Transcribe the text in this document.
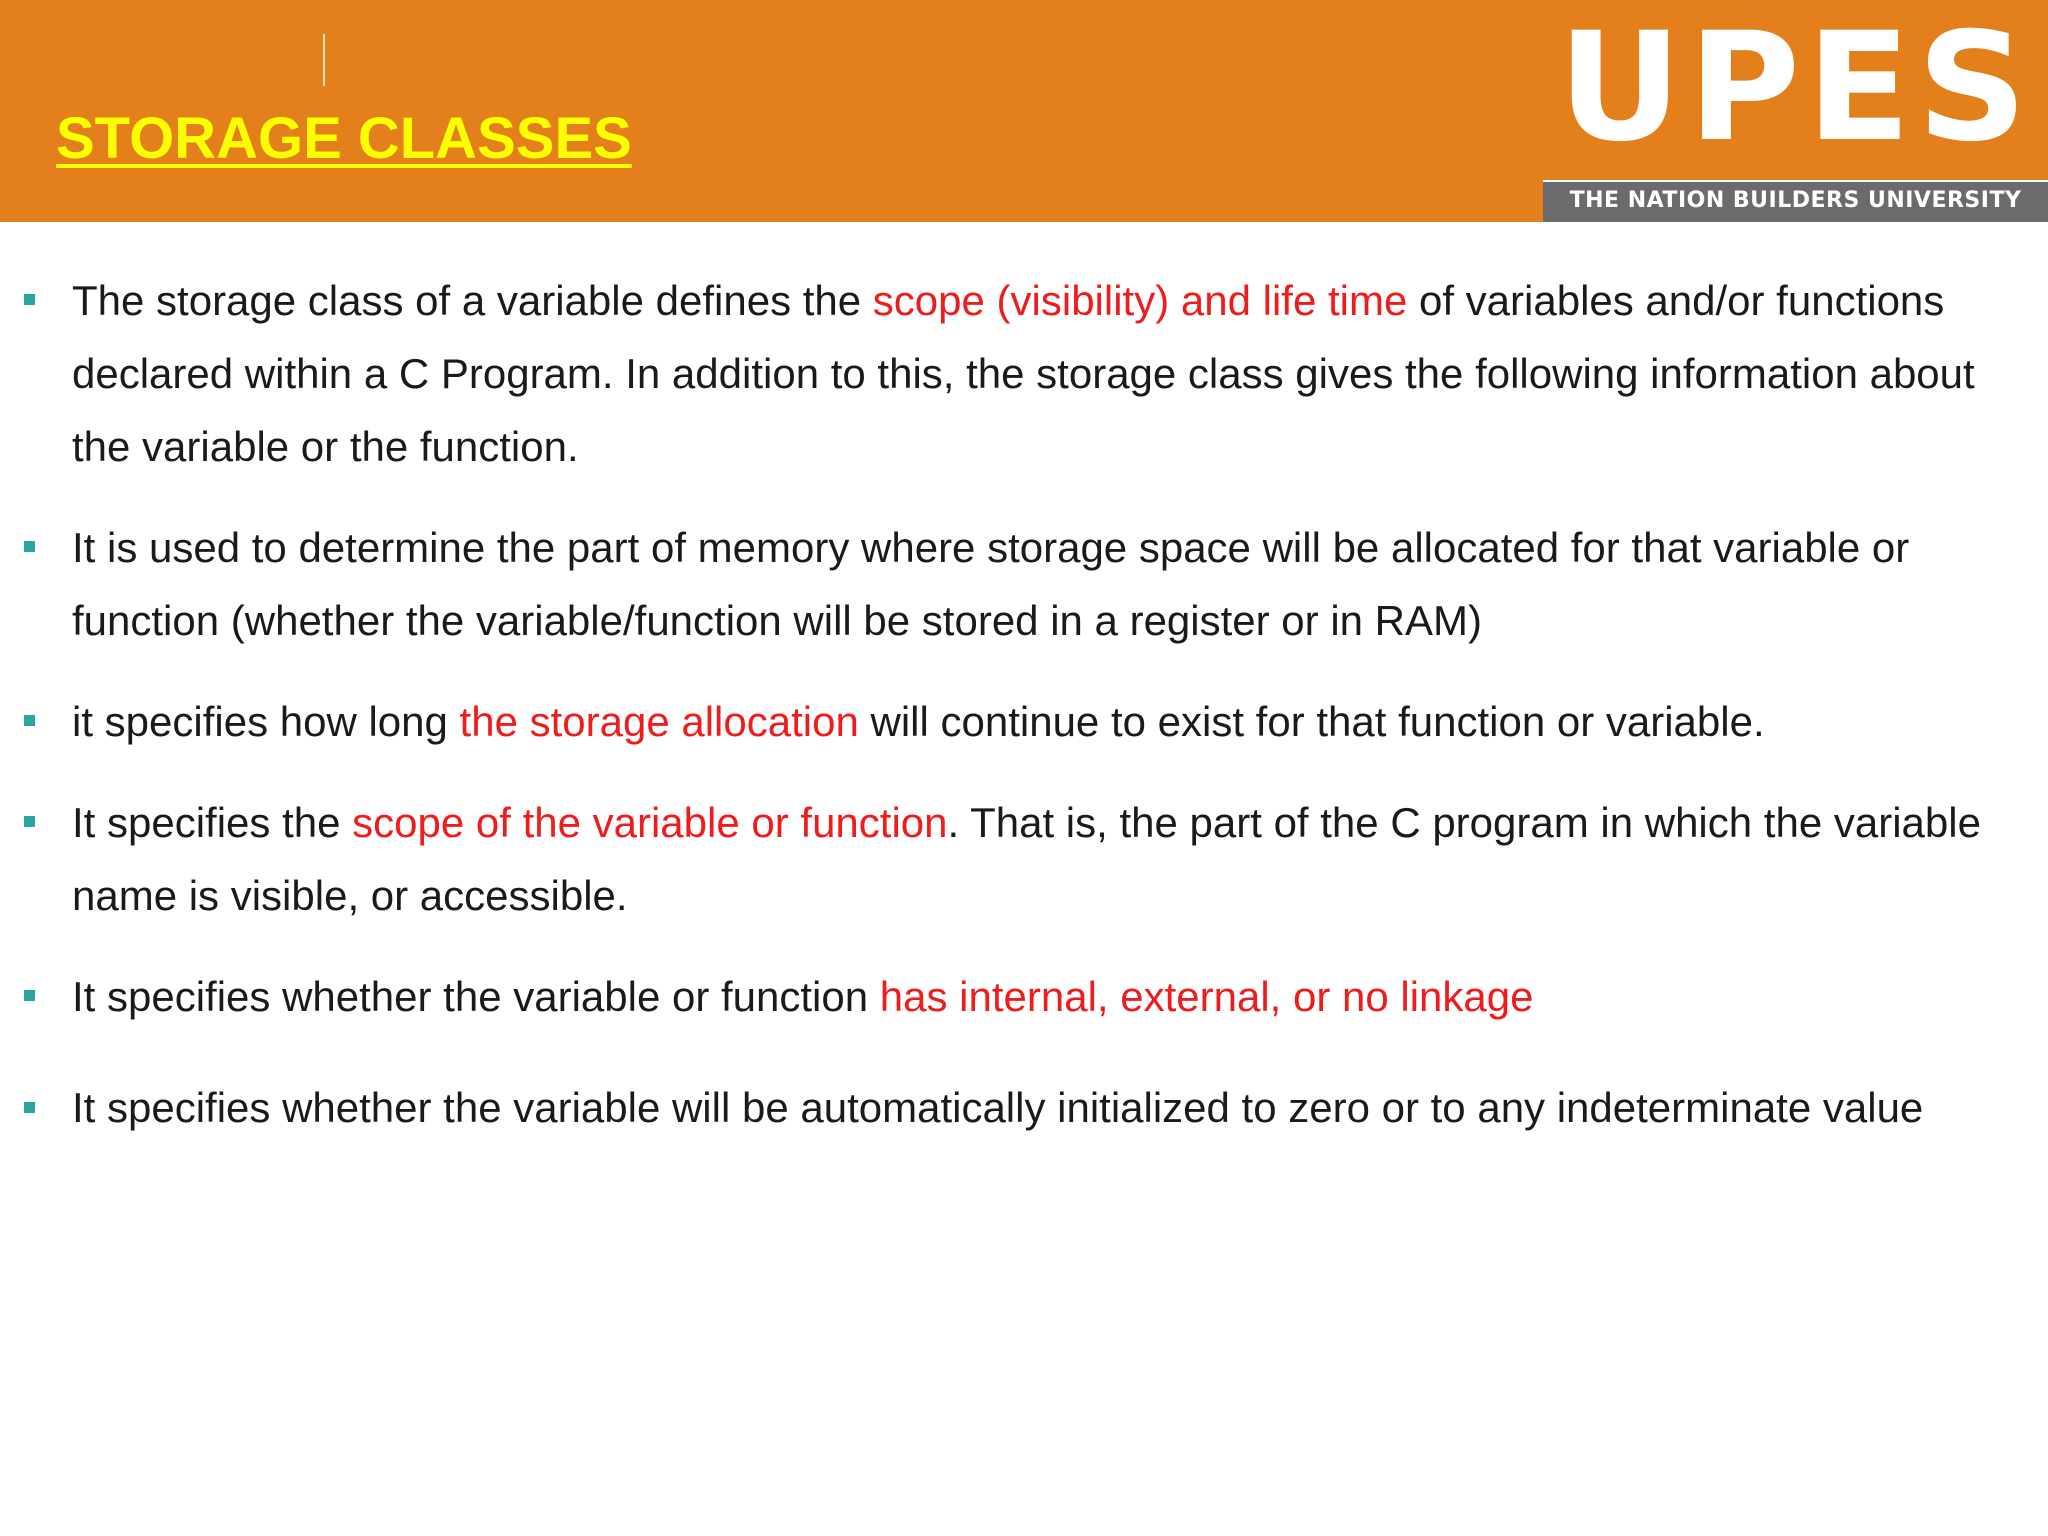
STORAGE CLASSES	UPES
THE NATION BUILDERS UNIVERSITY
The storage class of a variable defines the scope (visibility) and life time of variables and/or functions declared within a C Program. In addition to this, the storage class gives the following information about the variable or the function.
It is used to determine the part of memory where storage space will be allocated for that variable or function (whether the variable/function will be stored in a register or in RAM)
it specifies how long the storage allocation will continue to exist for that function or variable.
It specifies the scope of the variable or function. That is, the part of the C program in which the variable name is visible, or accessible.
It specifies whether the variable or function has internal, external, or no linkage
It specifies whether the variable will be automatically initialized to zero or to any indeterminate value
